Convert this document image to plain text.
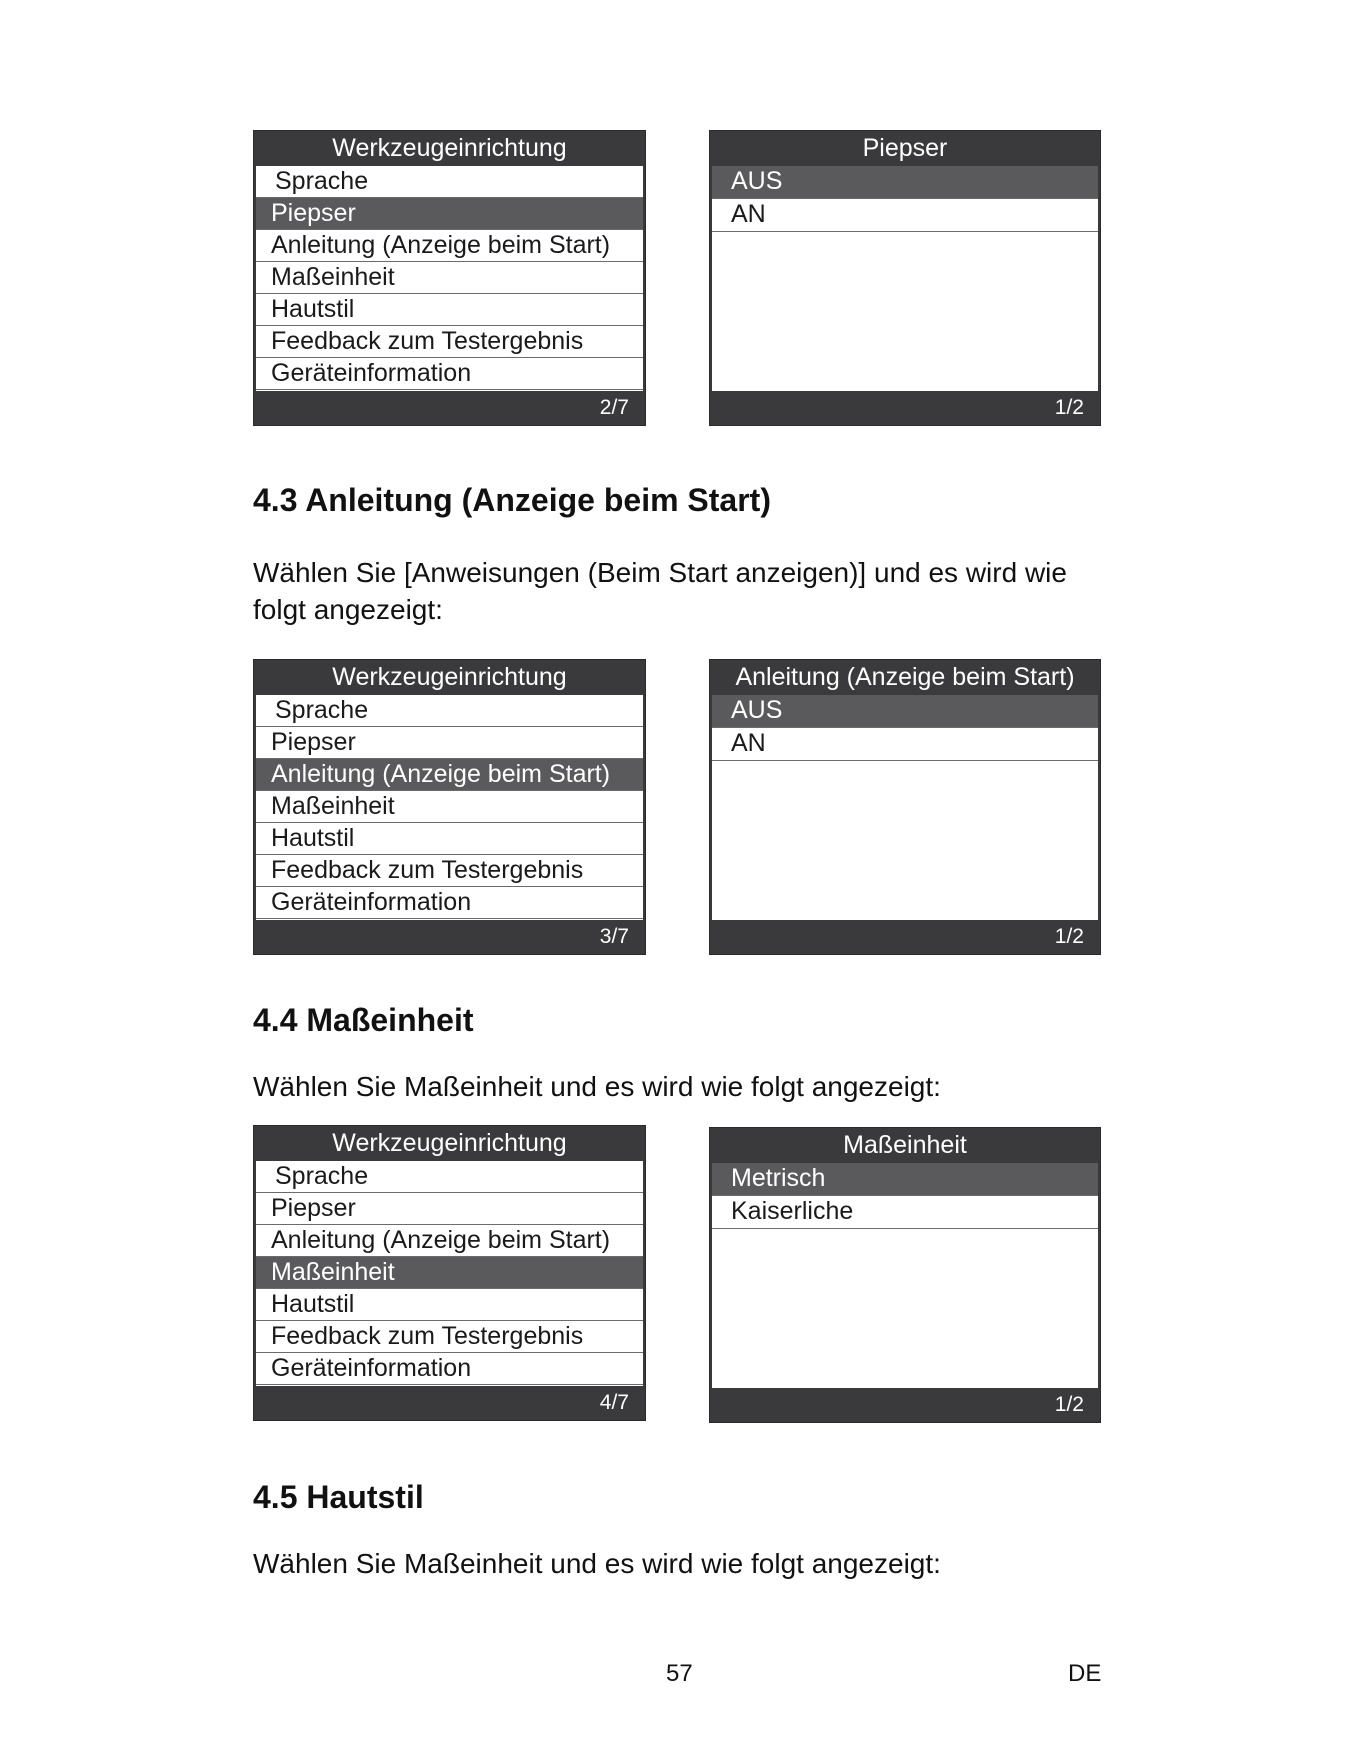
Werkzeugeinrichtung
Sprache
Piepser
Anleitung (Anzeige beim Start)
Maßeinheit
Hautstil
Feedback zum Testergebnis
Geräteinformation
2/7
Piepser
AUS
AN
1/2
4.3 Anleitung (Anzeige beim Start)
Wählen Sie [Anweisungen (Beim Start anzeigen)] und es wird wie folgt angezeigt:
Werkzeugeinrichtung
Sprache
Piepser
Anleitung (Anzeige beim Start)
Maßeinheit
Hautstil
Feedback zum Testergebnis
Geräteinformation
3/7
Anleitung (Anzeige beim Start)
AUS
AN
1/2
4.4 Maßeinheit
Wählen Sie Maßeinheit und es wird wie folgt angezeigt:
Werkzeugeinrichtung
Sprache
Piepser
Anleitung (Anzeige beim Start)
Maßeinheit
Hautstil
Feedback zum Testergebnis
Geräteinformation
4/7
Maßeinheit
Metrisch
Kaiserliche
1/2
4.5 Hautstil
Wählen Sie Maßeinheit und es wird wie folgt angezeigt:
57	DE
